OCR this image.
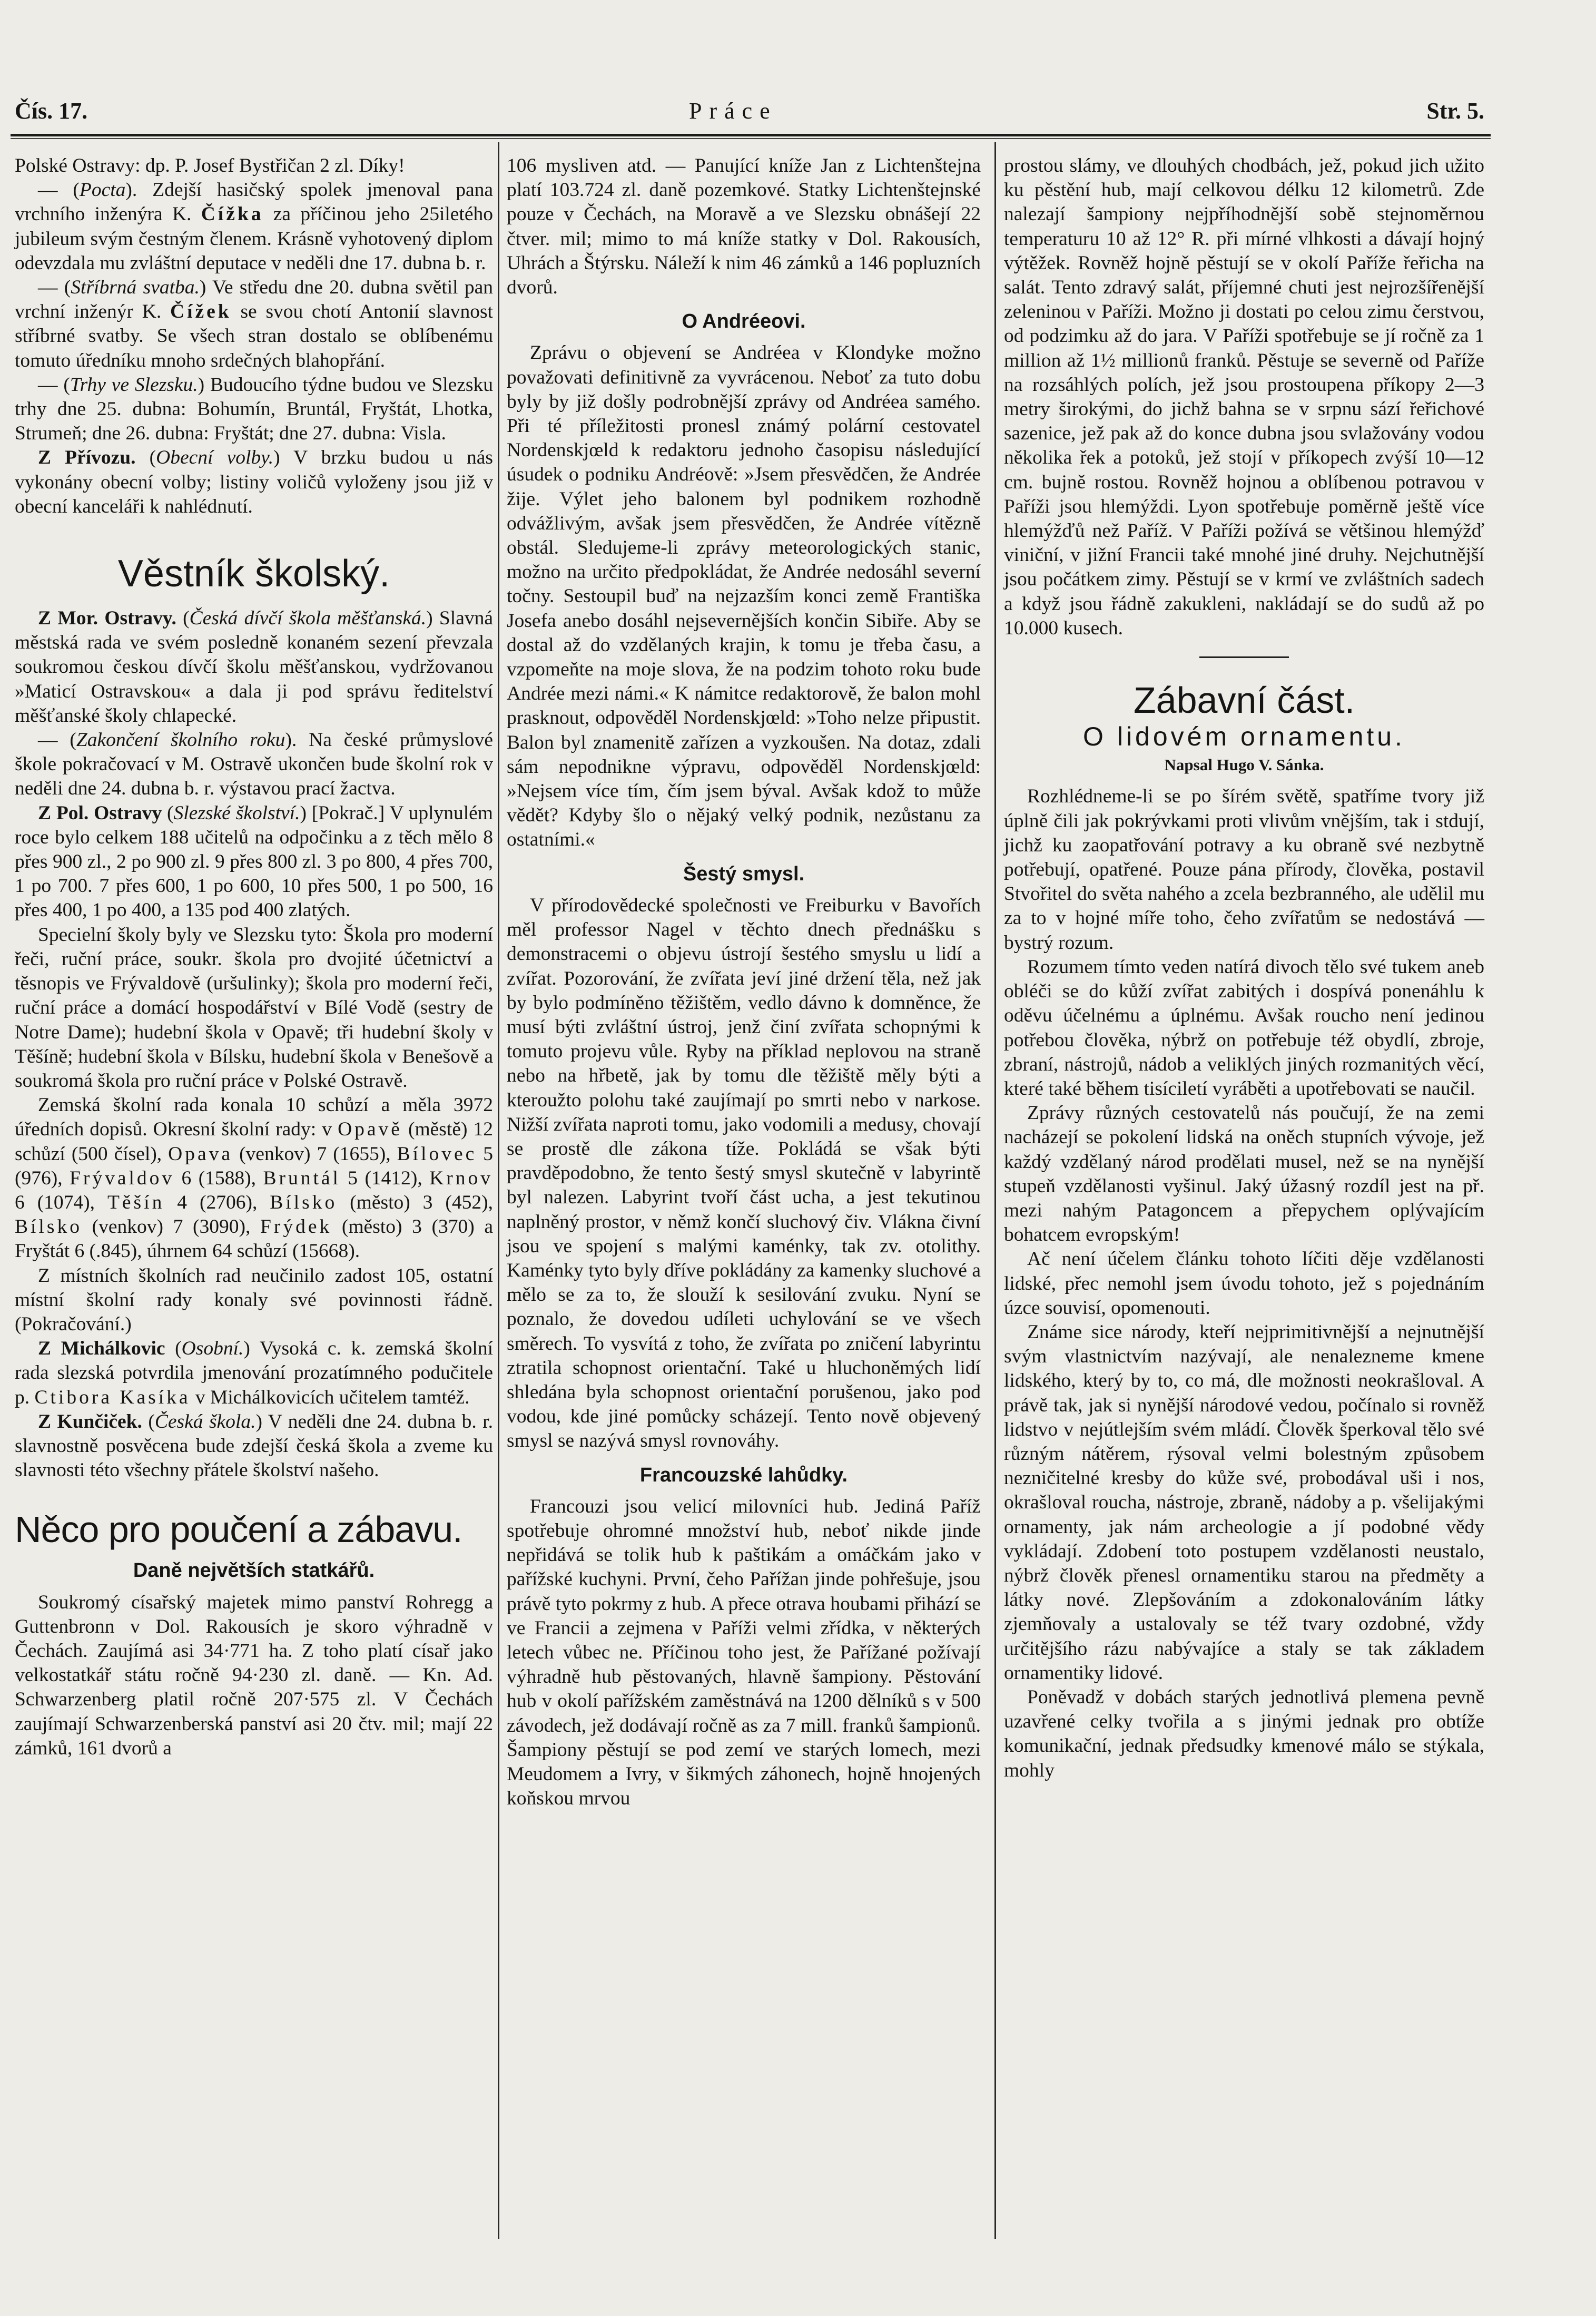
Čís. 17.	Práce	Str. 5.

Polské Ostravy: dp. P. Josef Bystřičan 2 zl. Díky!

— (Pocta). Zdejší hasičský spolek jmenoval pana vrchního inženýra K. Čížka za příčinou jeho 25iletého jubileum svým čestným členem. Krásně vyhotovený diplom odevzdala mu zvláštní deputace v neděli dne 17. dubna b. r.

— (Stříbrná svatba.) Ve středu dne 20. dubna světil pan vrchní inženýr K. Čížek se svou chotí Antonií slavnost stříbrné svatby. Se všech stran dostalo se oblíbenému tomuto úředníku mnoho srdečných blahopřání.

— (Trhy ve Slezsku.) Budoucího týdne budou ve Slezsku trhy dne 25. dubna: Bohumín, Bruntál, Fryštát, Lhotka, Strumeň; dne 26. dubna: Fryštát; dne 27. dubna: Visla.

Z Přívozu. (Obecní volby.) V brzku budou u nás vykonány obecní volby; listiny voličů vyloženy jsou již v obecní kanceláři k nahlédnutí.

Věstník školský.

Z Mor. Ostravy. (Česká dívčí škola měšťanská.) Slavná městská rada ve svém posledně konaném sezení převzala soukromou českou dívčí školu měšťanskou, vydržovanou »Maticí Ostravskou« a dala ji pod správu ředitelství měšťanské školy chlapecké.

— (Zakončení školního roku). Na české průmyslové škole pokračovací v M. Ostravě ukončen bude školní rok v neděli dne 24. dubna b. r. výstavou prací žactva.

Z Pol. Ostravy (Slezské školství.) [Pokrač.] V uplynulém roce bylo celkem 188 učitelů na odpočinku a z těch mělo 8 přes 900 zl., 2 po 900 zl. 9 přes 800 zl. 3 po 800, 4 přes 700, 1 po 700. 7 přes 600, 1 po 600, 10 přes 500, 1 po 500, 16 přes 400, 1 po 400, a 135 pod 400 zlatých.

Specielní školy byly ve Slezsku tyto: Škola pro moderní řeči, ruční práce, soukr. škola pro dvojité účetnictví a těsnopis ve Frývaldově (uršulinky); škola pro moderní řeči, ruční práce a domácí hospodářství v Bílé Vodě (sestry de Notre Dame); hudební škola v Opavě; tři hudební školy v Těšíně; hudební škola v Bílsku, hudební škola v Benešově a soukromá škola pro ruční práce v Polské Ostravě.

Zemská školní rada konala 10 schůzí a měla 3972 úředních dopisů. Okresní školní rady: v Opavě (městě) 12 schůzí (500 čísel), Opava (venkov) 7 (1655), Bílovec 5 (976), Frývaldov 6 (1588), Bruntál 5 (1412), Krnov 6 (1074), Těšín 4 (2706), Bílsko (město) 3 (452), Bílsko (venkov) 7 (3090), Frýdek (město) 3 (370) a Fryštát 6 (.845), úhrnem 64 schůzí (15668).

Z místních školních rad neučinilo zadost 105, ostatní místní školní rady konaly své povinnosti řádně. (Pokračování.)

Z Michálkovic (Osobní.) Vysoká c. k. zemská školní rada slezská potvrdila jmenování prozatímného podučitele p. Ctibora Kasíka v Michálkovicích učitelem tamtéž.

Z Kunčiček. (Česká škola.) V neděli dne 24. dubna b. r. slavnostně posvěcena bude zdejší česká škola a zveme ku slavnosti této všechny přátele školství našeho.

Něco pro poučení a zábavu.
Daně největších statkářů.

Soukromý císařský majetek mimo panství Rohregg a Guttenbronn v Dol. Rakousích je skoro výhradně v Čechách. Zaujímá asi 34·771 ha. Z toho platí císař jako velkostatkář státu ročně 94·230 zl. daně. — Kn. Ad. Schwarzenberg platil ročně 207·575 zl. V Čechách zaujímají Schwarzenberská panství asi 20 čtv. mil; mají 22 zámků, 161 dvorů a

106 mysliven atd. — Panující kníže Jan z Lichtenštejna platí 103.724 zl. daně pozemkové. Statky Lichtenštejnské pouze v Čechách, na Moravě a ve Slezsku obnášejí 22 čtver. mil; mimo to má kníže statky v Dol. Rakousích, Uhrách a Štýrsku. Náleží k nim 46 zámků a 146 popluzních dvorů.

O Andréeovi.

Zprávu o objevení se Andréea v Klondyke možno považovati definitivně za vyvrácenou. Neboť za tuto dobu byly by již došly podrobnější zprávy od Andréea samého. Při té příležitosti pronesl známý polární cestovatel Nordenskjœld k redaktoru jednoho časopisu následující úsudek o podniku Andréově: »Jsem přesvědčen, že Andrée žije. Výlet jeho balonem byl podnikem rozhodně odvážlivým, avšak jsem přesvědčen, že Andrée vítězně obstál. Sledujeme-li zprávy meteorologických stanic, možno na určito předpokládat, že Andrée nedosáhl severní točny. Sestoupil buď na nejzazším konci země Františka Josefa anebo dosáhl nejsevernějších končin Sibiře. Aby se dostal až do vzdělaných krajin, k tomu je třeba času, a vzpomeňte na moje slova, že na podzim tohoto roku bude Andrée mezi námi.« K námitce redaktorově, že balon mohl prasknout, odpověděl Nordenskjœld: »Toho nelze připustit. Balon byl znamenitě zařízen a vyzkoušen. Na dotaz, zdali sám nepodnikne výpravu, odpověděl Nordenskjœld: »Nejsem více tím, čím jsem býval. Avšak kdož to může vědět? Kdyby šlo o nějaký velký podnik, nezůstanu za ostatními.«

Šestý smysl.

V přírodovědecké společnosti ve Freiburku v Bavořích měl professor Nagel v těchto dnech přednášku s demonstracemi o objevu ústrojí šestého smyslu u lidí a zvířat. Pozorování, že zvířata jeví jiné držení těla, než jak by bylo podmíněno těžištěm, vedlo dávno k domněnce, že musí býti zvláštní ústroj, jenž činí zvířata schopnými k tomuto projevu vůle. Ryby na příklad neplovou na straně nebo na hřbetě, jak by tomu dle těžiště měly býti a kteroužto polohu také zaujímají po smrti nebo v narkose. Nižší zvířata naproti tomu, jako vodomili a medusy, chovají se prostě dle zákona tíže. Pokládá se však býti pravděpodobno, že tento šestý smysl skutečně v labyrintě byl nalezen. Labyrint tvoří část ucha, a jest tekutinou naplněný prostor, v němž končí sluchový čiv. Vlákna čivní jsou ve spojení s malými kaménky, tak zv. otolithy. Kaménky tyto byly dříve pokládány za kamenky sluchové a mělo se za to, že slouží k sesilování zvuku. Nyní se poznalo, že dovedou udíleti uchylování se ve všech směrech. To vysvítá z toho, že zvířata po zničení labyrintu ztratila schopnost orientační. Také u hluchoněmých lidí shledána byla schopnost orientační porušenou, jako pod vodou, kde jiné pomůcky scházejí. Tento nově objevený smysl se nazývá smysl rovnováhy.

Francouzské lahůdky.

Francouzi jsou velicí milovníci hub. Jediná Paříž spotřebuje ohromné množství hub, neboť nikde jinde nepřidává se tolik hub k paštikám a omáčkám jako v pařížské kuchyni. První, čeho Pařížan jinde pohřešuje, jsou právě tyto pokrmy z hub. A přece otrava houbami přihází se ve Francii a zejmena v Paříži velmi zřídka, v některých letech vůbec ne. Příčinou toho jest, že Pařížané požívají výhradně hub pěstovaných, hlavně šampiony. Pěstování hub v okolí pařížském zaměstnává na 1200 dělníků s v 500 závodech, jež dodávají ročně as za 7 mill. franků šampionů. Šampiony pěstují se pod zemí ve starých lomech, mezi Meudomem a Ivry, v šikmých záhonech, hojně hnojených koňskou mrvou

prostou slámy, ve dlouhých chodbách, jež, pokud jich užito ku pěstění hub, mají celkovou délku 12 kilometrů. Zde nalezají šampiony nejpříhodnější sobě stejnoměrnou temperaturu 10 až 12° R. při mírné vlhkosti a dávají hojný výtěžek. Rovněž hojně pěstují se v okolí Paříže řeřicha na salát. Tento zdravý salát, příjemné chuti jest nejrozšířenější zeleninou v Paříži. Možno ji dostati po celou zimu čerstvou, od podzimku až do jara. V Paříži spotřebuje se jí ročně za 1 million až 1½ millionů franků. Pěstuje se severně od Paříže na rozsáhlých polích, jež jsou prostoupena příkopy 2—3 metry širokými, do jichž bahna se v srpnu sází řeřichové sazenice, jež pak až do konce dubna jsou svlažovány vodou několika řek a potoků, jež stojí v příkopech zvýší 10—12 cm. bujně rostou. Rovněž hojnou a oblíbenou potravou v Paříži jsou hlemýždi. Lyon spotřebuje poměrně ještě více hlemýžďů než Paříž. V Paříži požívá se většinou hlemýžď viniční, v jižní Francii také mnohé jiné druhy. Nejchutnější jsou počátkem zimy. Pěstují se v krmí ve zvláštních sadech a když jsou řádně zakukleni, nakládají se do sudů až po 10.000 kusech.

Zábavní část.
O lidovém ornamentu.
Napsal Hugo V. Sánka.

Rozhlédneme-li se po šírém světě, spatříme tvory již úplně čili jak pokrývkami proti vlivům vnějším, tak i stdují, jichž ku zaopatřování potravy a ku obraně své nezbytně potřebují, opatřené. Pouze pána přírody, člověka, postavil Stvořitel do světa nahého a zcela bezbranného, ale udělil mu za to v hojné míře toho, čeho zvířatům se nedostává — bystrý rozum.

Rozumem tímto veden natírá divoch tělo své tukem aneb obléči se do kůží zvířat zabitých i dospívá ponenáhlu k oděvu účelnému a úplnému. Avšak roucho není jedinou potřebou člověka, nýbrž on potřebuje též obydlí, zbroje, zbraní, nástrojů, nádob a veliklých jiných rozmanitých věcí, které také během tisíciletí vyráběti a upotřebovati se naučil.

Zprávy různých cestovatelů nás poučují, že na zemi nacházejí se pokolení lidská na oněch stupních vývoje, jež každý vzdělaný národ prodělati musel, než se na nynější stupeň vzdělanosti vyšinul. Jaký úžasný rozdíl jest na př. mezi nahým Patagoncem a přepychem oplývajícím bohatcem evropským!

Ač není účelem článku tohoto líčiti děje vzdělanosti lidské, přec nemohl jsem úvodu tohoto, jež s pojednáním úzce souvisí, opomenouti.

Známe sice národy, kteří nejprimitivnější a nejnutnější svým vlastnictvím nazývají, ale nenalezneme kmene lidského, který by to, co má, dle možnosti neokrašloval. A právě tak, jak si nynější národové vedou, počínalo si rovněž lidstvo v nejútlejším svém mládí. Člověk šperkoval tělo své různým nátěrem, rýsoval velmi bolestným způsobem nezničitelné kresby do kůže své, probodával uši i nos, okrašloval roucha, nástroje, zbraně, nádoby a p. všelijakými ornamenty, jak nám archeologie a jí podobné vědy vykládají. Zdobení toto postupem vzdělanosti neustalo, nýbrž člověk přenesl ornamentiku starou na předměty a látky nové. Zlepšováním a zdokonalováním látky zjemňovaly a ustalovaly se též tvary ozdobné, vždy určitějšího rázu nabývajíce a staly se tak základem ornamentiky lidové.

Poněvadž v dobách starých jednotlivá plemena pevně uzavřené celky tvořila a s jinými jednak pro obtíže komunikační, jednak předsudky kmenové málo se stýkala, mohly
